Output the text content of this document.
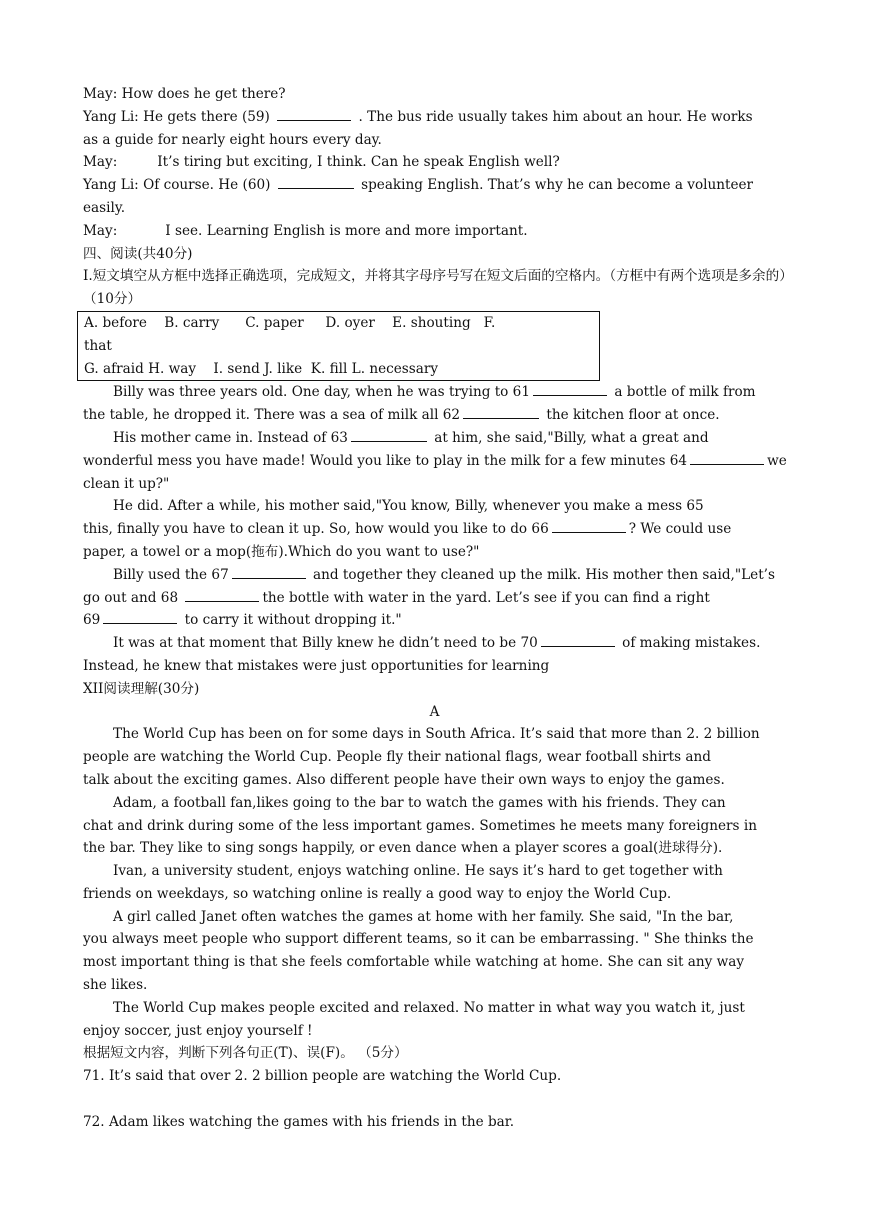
May: How does he get there?

Yang Li: He gets there (59)	. The bus ride usually takes him about an hour. He works

as a guide for nearly eight hours every day.

May:	It’s tiring but exciting, I think. Can he speak English well?

Yang Li: Of course. He (60)	speaking English. That’s why he can become a volunteer

easily.

May:	I see. Learning English is more and more important.

四、阅读(共40分)

I.短文填空从方框中选择正确选项，完成短文，并将其字母序号写在短文后面的空格内。（方框中有两个选项是多余的）（10分）

A. before    B. carry      C. paper     D. oyer    E. shouting   F.

that

G. afraid H. way    I. send J. like  K. fill L. necessary

Billy was three years old. One day, when he was trying to 61	a bottle of milk from

the table, he dropped it. There was a sea of milk all 62	the kitchen floor at once.

His mother came in. Instead of 63	at him, she said,"Billy, what a great and

wonderful mess you have made! Would you like to play in the milk for a few minutes 64	we

clean it up?"

He did. After a while, his mother said,"You know, Billy, whenever you make a mess 65

this, finally you have to clean it up. So, how would you like to do 66	? We could use

paper, a towel or a mop(拖布).Which do you want to use?"

Billy used the 67	and together they cleaned up the milk. His mother then said,"Let’s

go out and 68	the bottle with water in the yard. Let’s see if you can find a right

69	to carry it without dropping it."

It was at that moment that Billy knew he didn’t need to be 70	of making mistakes.

Instead, he knew that mistakes were just opportunities for learning

XII阅读理解(30分)

A

The World Cup has been on for some days in South Africa. It’s said that more than 2. 2 billion

people are watching the World Cup. People fly their national flags, wear football shirts and

talk about the exciting games. Also different people have their own ways to enjoy the games.

Adam, a football fan,likes going to the bar to watch the games with his friends. They can

chat and drink during some of the less important games. Sometimes he meets many foreigners in

the bar. They like to sing songs happily, or even dance when a player scores a goal(进球得分).

Ivan, a university student, enjoys watching online. He says it’s hard to get together with

friends on weekdays, so watching online is really a good way to enjoy the World Cup.

A girl called Janet often watches the games at home with her family. She said, "In the bar,

you always meet people who support different teams, so it can be embarrassing. " She thinks the

most important thing is that she feels comfortable while watching at home. She can sit any way

she likes.

The World Cup makes people excited and relaxed. No matter in what way you watch it, just

enjoy soccer, just enjoy yourself !

根据短文内容，判断下列各句正(T)、误(F)。 （5分）

71. It’s said that over 2. 2 billion people are watching the World Cup.

72. Adam likes watching the games with his friends in the bar.
